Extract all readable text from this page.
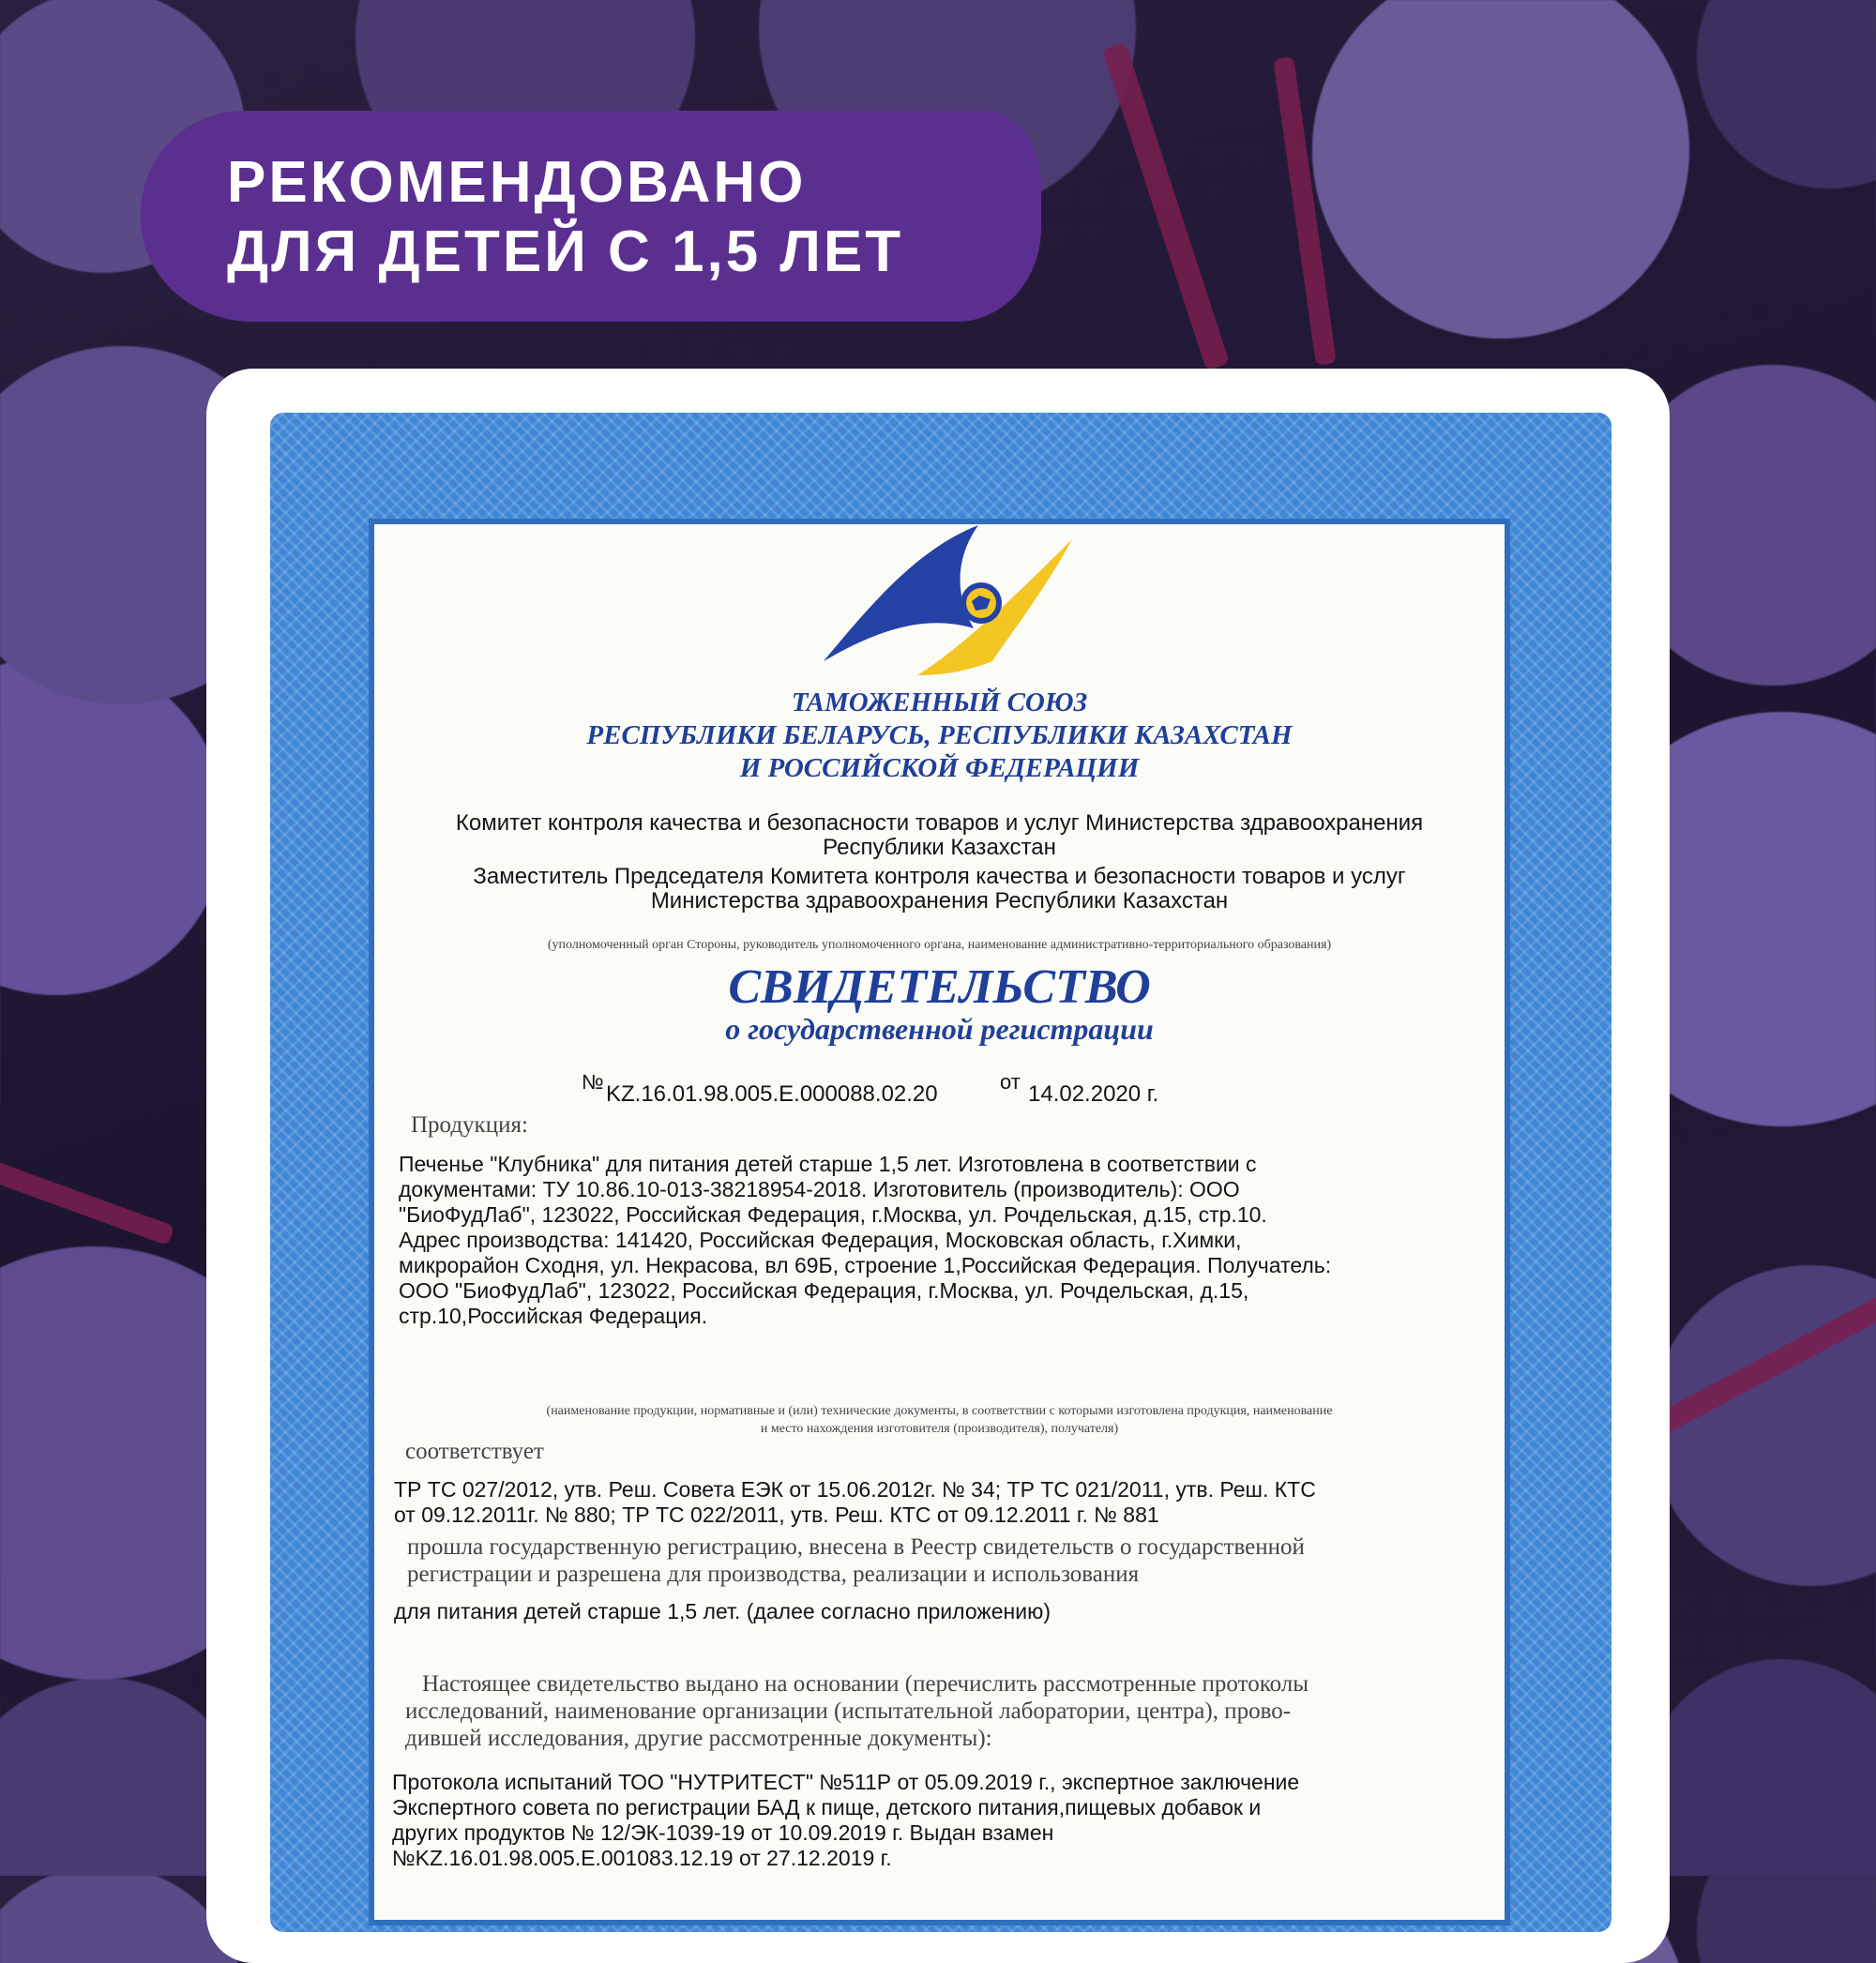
РЕКОМЕНДОВАНО
ДЛЯ ДЕТЕЙ С 1,5 ЛЕТ
ТАМОЖЕННЫЙ СОЮЗ
РЕСПУБЛИКИ БЕЛАРУСЬ, РЕСПУБЛИКИ КАЗАХСТАН
И РОССИЙСКОЙ ФЕДЕРАЦИИ
Комитет контроля качества и безопасности товаров и услуг Министерства здравоохранения
Республики Казахстан
Заместитель Председателя Комитета контроля качества и безопасности товаров и услуг
Министерства здравоохранения Республики Казахстан
(уполномоченный орган Стороны, руководитель уполномоченного органа, наименование административно-территориального образования)
СВИДЕТЕЛЬСТВО
о государственной регистрации
№ KZ.16.01.98.005.E.000088.02.20	от 14.02.2020 г.
Продукция:
Печенье "Клубника" для питания детей старше 1,5 лет. Изготовлена в соответствии с
документами: ТУ 10.86.10-013-38218954-2018. Изготовитель (производитель): ООО
"БиоФудЛаб", 123022, Российская Федерация, г.Москва, ул. Рочдельская, д.15, стр.10.
Адрес производства: 141420, Российская Федерация, Московская область, г.Химки,
микрорайон Сходня, ул. Некрасова, вл 69Б, строение 1,Российская Федерация. Получатель:
ООО "БиоФудЛаб", 123022, Российская Федерация, г.Москва, ул. Рочдельская, д.15,
стр.10,Российская Федерация.
(наименование продукции, нормативные и (или) технические документы, в соответствии с которыми изготовлена продукция, наименование
и место нахождения изготовителя (производителя), получателя)
соответствует
ТР ТС 027/2012, утв. Реш. Совета ЕЭК от 15.06.2012г. № 34; ТР ТС 021/2011, утв. Реш. КТС
от 09.12.2011г. № 880; ТР ТС 022/2011, утв. Реш. КТС от 09.12.2011 г. № 881
прошла государственную регистрацию, внесена в Реестр свидетельств о государственной
регистрации и разрешена для производства, реализации и использования
для питания детей старше 1,5 лет. (далее согласно приложению)
Настоящее свидетельство выдано на основании (перечислить рассмотренные протоколы
исследований, наименование организации (испытательной лаборатории, центра), прово-
дившей исследования, другие рассмотренные документы):
Протокола испытаний ТОО "НУТРИТЕСТ" №511Р от 05.09.2019 г., экспертное заключение
Экспертного совета по регистрации БАД к пище, детского питания,пищевых добавок и
других продуктов № 12/ЭК-1039-19 от 10.09.2019 г. Выдан взамен
№KZ.16.01.98.005.E.001083.12.19 от 27.12.2019 г.
